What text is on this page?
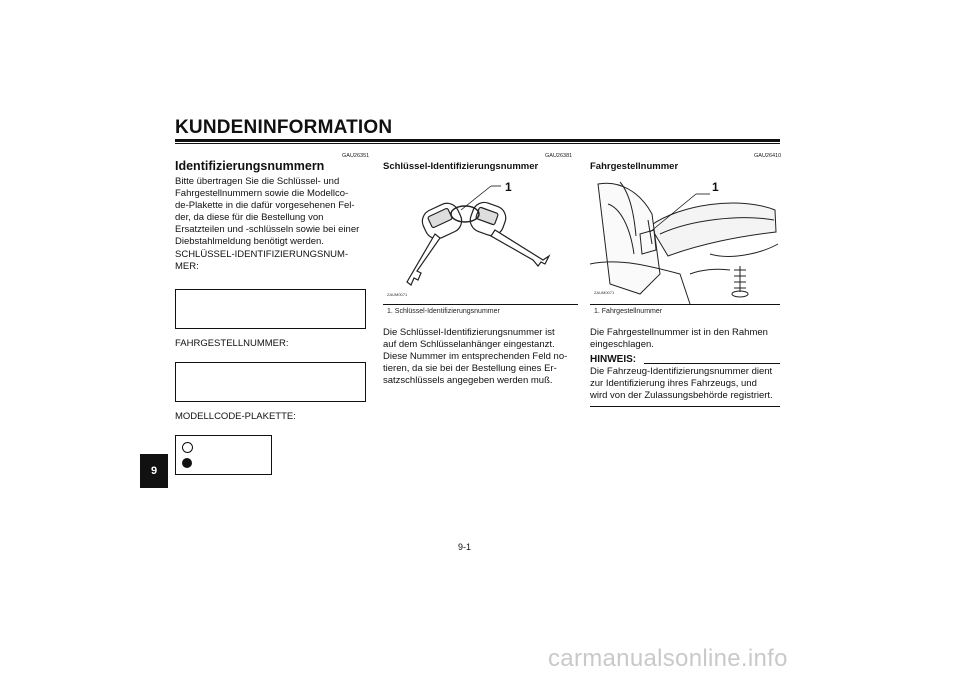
KUNDENINFORMATION
GAU26351
Identifizierungsnummern
Bitte übertragen Sie die Schlüssel- und
Fahrgestellnummern sowie die Modellco-
de-Plakette in die dafür vorgesehenen Fel-
der, da diese für die Bestellung von
Ersatzteilen und -schlüsseln sowie bei einer
Diebstahlmeldung benötigt werden.
SCHLÜSSEL-IDENTIFIZIERUNGSNUM-
MER:
FAHRGESTELLNUMMER:
MODELLCODE-PLAKETTE:
GAU26381
Schlüssel-Identifizierungsnummer
1
ZAUM0071
1. Schlüssel-Identifizierungsnummer
Die Schlüssel-Identifizierungsnummer ist
auf dem Schlüsselanhänger eingestanzt.
Diese Nummer im entsprechenden Feld no-
tieren, da sie bei der Bestellung eines Er-
satzschlüssels angegeben werden muß.
GAU26410
Fahrgestellnummer
1
ZAUM0071
1. Fahrgestellnummer
Die Fahrgestellnummer ist in den Rahmen
eingeschlagen.
HINWEIS:
Die Fahrzeug-Identifizierungsnummer dient
zur Identifizierung ihres Fahrzeugs, und
wird von der Zulassungsbehörde registriert.
9
9-1
carmanualsonline.info
